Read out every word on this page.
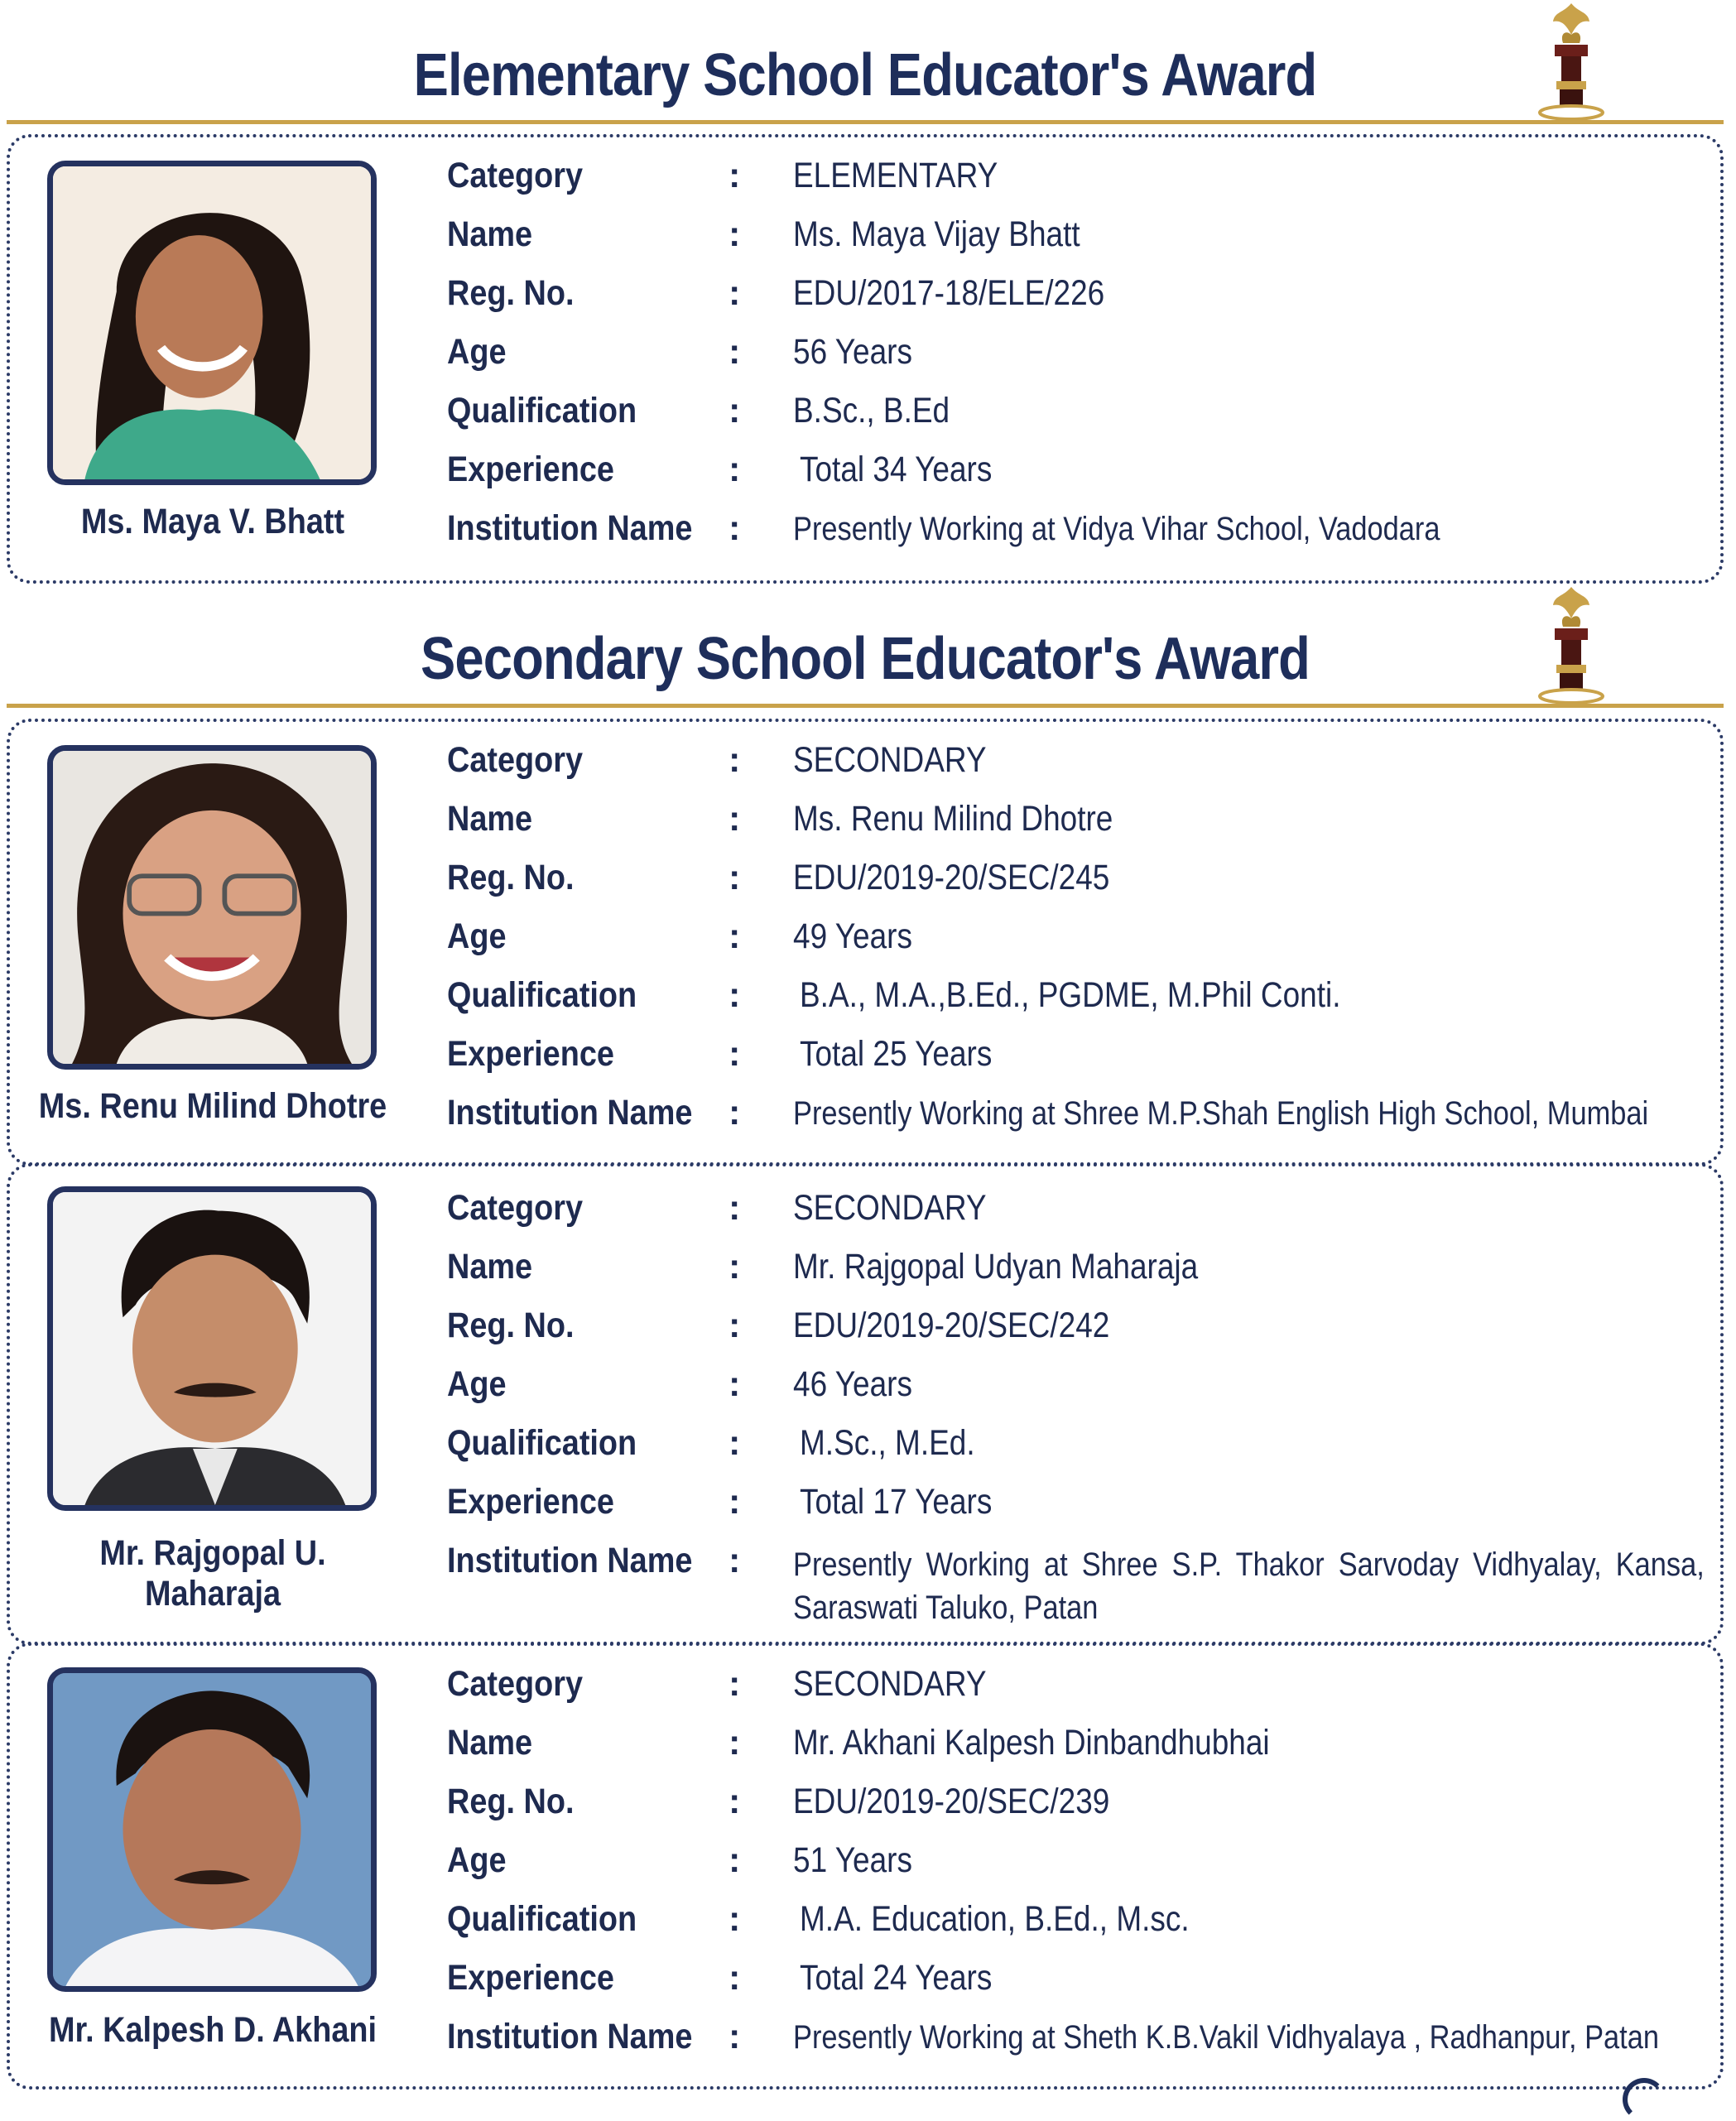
Elementary School Educator's Award
Ms. Maya V. Bhatt
Category	: ELEMENTARY
Name	: Ms. Maya Vijay Bhatt
Reg. No.	: EDU/2017-18/ELE/226
Age	: 56 Years
Qualification	: B.Sc., B.Ed
Experience	: Total 34 Years
Institution Name : Presently Working at Vidya Vihar School, Vadodara
Secondary School Educator's Award
Ms. Renu Milind Dhotre
Category	: SECONDARY
Name	: Ms. Renu Milind Dhotre
Reg. No.	: EDU/2019-20/SEC/245
Age	: 49 Years
Qualification	: B.A., M.A.,B.Ed., PGDME, M.Phil Conti.
Experience	: Total 25 Years
Institution Name : Presently Working at Shree M.P.Shah English High School, Mumbai
Mr. Rajgopal U. Maharaja
Category	: SECONDARY
Name	: Mr. Rajgopal Udyan Maharaja
Reg. No.	: EDU/2019-20/SEC/242
Age	: 46 Years
Qualification	: M.Sc., M.Ed.
Experience	: Total 17 Years
Institution Name : Presently Working at Shree S.P. Thakor Sarvoday Vidhyalay, Kansa, Saraswati Taluko, Patan
Mr. Kalpesh D. Akhani
Category	: SECONDARY
Name	: Mr. Akhani Kalpesh Dinbandhubhai
Reg. No.	: EDU/2019-20/SEC/239
Age	: 51 Years
Qualification	: M.A. Education, B.Ed., M.sc.
Experience	: Total 24 Years
Institution Name : Presently Working at Sheth K.B.Vakil Vidhyalaya , Radhanpur, Patan
